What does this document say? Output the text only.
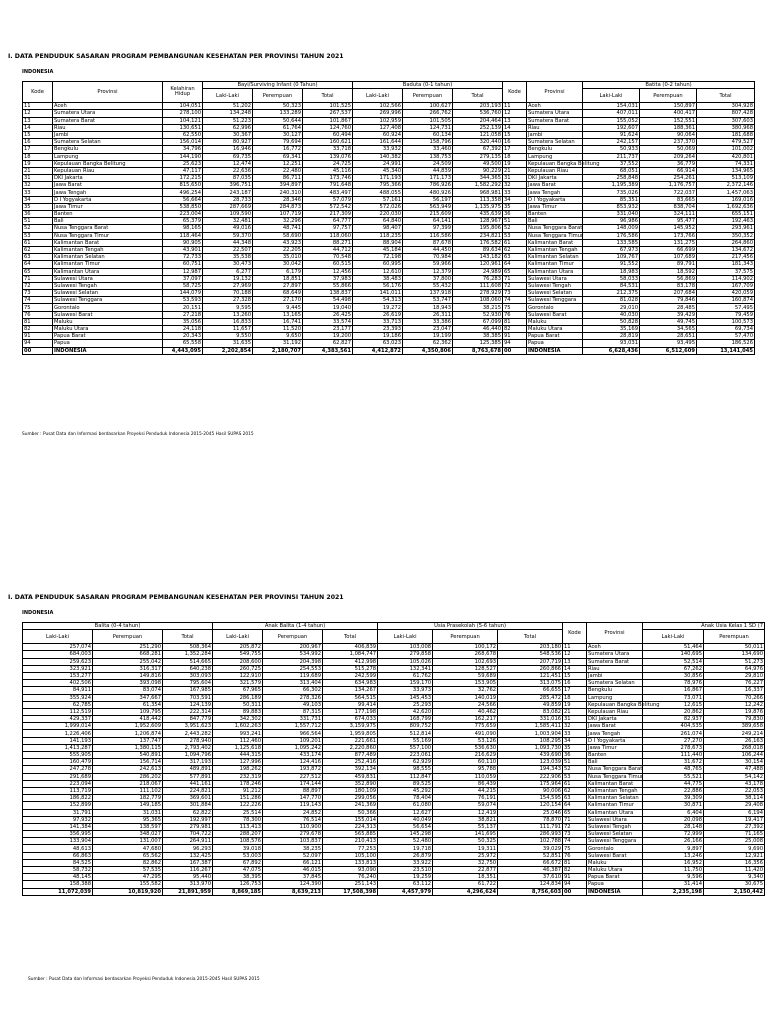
I. DATA PENDUDUK SASARAN PROGRAM PEMBANGUNAN KESEHATAN PER PROVINSI TAHUN 2021
INDONESIA
Kode	Provinsi	Kelahiran Hidup	Bayi/Surviving Infant (0 Tahun)			Baduta (0-1 tahun)		
			Laki-Laki	Perempuan	Total	Laki-Laki	Perempuan	Total
11	Aceh	104,051	51,202	50,323	101,525	102,566	100,627	203,193
12	Sumatera Utara	278,100	134,248	133,289	267,537	269,996	266,762	536,760
13	Sumatera Barat	104,121	51,223	50,644	101,867	102,959	101,505	204,464
14	Riau	130,651	62,996	61,764	124,760	127,408	124,731	252,139
15	Jambi	62,550	30,367	30,127	60,494	60,924	60,134	121,058
16	Sumatera Selatan	156,014	80,927	79,694	160,621	161,644	158,796	320,440
17	Bengkulu	34,796	16,946	16,772	33,718	33,932	33,460	67,392
18	Lampung	144,190	69,735	69,341	139,076	140,382	138,753	279,135
19	Kepulauan Bangka Belitung	25,623	12,474	12,251	24,725	24,991	24,509	49,500
21	Kepulauan Riau	47,117	22,636	22,480	45,116	45,340	44,839	90,229
31	DKI Jakarta	172,215	87,035	86,711	173,746	171,193	171,173	344,365
32	Jawa Barat	815,650	396,751	394,897	791,648	795,366	786,926	1,582,292
33	Jawa Tengah	496,254	243,187	240,310	483,497	488,055	480,926	968,981
34	D I Yogyakarta	56,664	28,733	28,346	57,079	57,161	56,197	113,358
35	Jawa Timur	538,850	287,669	284,873	572,542	572,026	563,949	1,135,975
36	Banten	223,004	109,590	107,719	217,309	220,030	215,609	435,639
51	Bali	65,379	32,481	32,296	64,777	64,840	64,141	128,967
52	Nusa Tenggara Barat	98,165	49,016	48,741	97,757	98,407	97,399	195,806
53	Nusa Tenggara Timur	118,464	59,370	58,690	118,060	118,235	116,586	234,821
61	Kalimantan Barat	90,905	44,348	43,923	88,271	88,904	87,678	176,582
62	Kalimantan Tengah	43,901	22,507	22,205	44,712	45,184	44,450	89,634
63	Kalimantan Selatan	72,733	35,538	35,010	70,548	72,198	70,984	143,182
64	Kalimantan Timur	60,751	30,473	30,042	60,515	60,995	59,966	120,961
65	Kalimantan Utara	12,987	6,277	6,179	12,456	12,610	12,379	24,989
71	Sulawesi Utara	37,097	19,132	18,851	37,983	38,483	37,800	76,283
72	Sulawesi Tengah	58,725	27,969	27,897	55,866	56,176	55,432	111,608
73	Sulawesi Selatan	144,079	70,188	68,649	138,837	141,011	137,918	278,929
74	Sulawesi Tenggara	53,593	27,328	27,170	54,498	54,313	53,747	108,060
75	Gorontalo	20,151	9,595	9,445	19,040	19,272	18,943	38,215
76	Sulawesi Barat	27,218	13,260	13,165	26,425	26,619	26,311	52,930
81	Maluku	35,056	16,833	16,741	33,574	33,713	33,386	67,099
82	Maluku Utara	24,118	11,657	11,520	23,177	23,393	23,047	46,440
91	Papua Barat	20,343	9,550	9,650	19,200	19,186	19,199	38,385
94	Papua	65,558	31,635	31,192	62,827	63,023	62,362	125,385
00	INDONESIA	4,443,095	2,202,854	2,180,707	4,383,561	4,412,872	4,350,806	8,763,678
Kode	Provinsi	Batita (0-2 tahun)		
		Laki-Laki	Perempuan	Total
11	Aceh	154,031	150,897	304,928
12	Sumatera Utara	407,011	400,417	807,428
13	Sumatera Barat	155,052	152,551	307,603
14	Riau	192,607	188,361	380,968
15	Jambi	91,624	90,064	181,688
16	Sumatera Selatan	242,157	237,370	479,527
17	Bengkulu	50,933	50,069	101,002
18	Lampung	211,737	209,264	420,801
19	Kepulauan Bangka Belitung	37,552	36,779	74,331
21	Kepulauan Riau	68,051	66,914	134,965
31	DKI Jakarta	258,848	254,261	513,109
32	Jawa Barat	1,195,389	1,176,757	2,372,146
33	Jawa Tengah	735,026	722,037	1,457,063
34	D I Yogyakarta	85,351	83,665	169,016
35	Jawa Timur	853,932	838,704	1,692,636
36	Banten	331,040	324,111	655,151
51	Bali	96,986	95,477	192,463
52	Nusa Tenggara Barat	148,009	145,952	293,961
53	Nusa Tenggara Timur	176,586	173,766	350,352
61	Kalimantan Barat	133,585	131,275	264,860
62	Kalimantan Tengah	67,973	66,699	134,672
63	Kalimantan Selatan	109,767	107,689	217,456
64	Kalimantan Timur	91,552	89,791	181,343
65	Kalimantan Utara	18,983	18,592	37,575
71	Sulawesi Utara	58,033	56,869	114,902
72	Sulawesi Tengah	84,531	83,178	167,709
73	Sulawesi Selatan	212,375	207,684	420,059
74	Sulawesi Tenggara	81,028	79,846	160,874
75	Gorontalo	29,010	28,485	57,495
76	Sulawesi Barat	40,030	39,429	79,459
81	Maluku	50,828	49,745	100,573
82	Maluku Utara	35,169	34,565	69,734
91	Papua Barat	28,819	28,651	57,470
94	Papua	93,031	93,495	186,526
00	INDONESIA	6,628,436	6,512,609	13,141,045
Sumber : Pusat Data dan Informasi berdasarkan Proyeksi Penduduk Indonesia 2015-2045 Hasil SUPAS 2015
I. DATA PENDUDUK SASARAN PROGRAM PEMBANGUNAN KESEHATAN PER PROVINSI TAHUN 2021
INDONESIA
Balita (0-4 tahun)			Anak Balita (1-4 tahun)			Usia Prasekolah (5-6 tahun)		
Laki-Laki	Perempuan	Total	Laki-Laki	Perempuan	Total	Laki-Laki	Perempuan	Total
257,074	251,290	508,364	205,872	200,967	406,839	103,008	100,172	203,180
684,003	668,281	1,352,284	549,755	534,992	1,084,747	279,858	268,678	548,536
259,623	255,042	514,665	208,600	204,398	412,998	105,026	102,693	207,719
323,921	316,317	640,238	260,725	254,553	515,278	132,341	128,527	260,866
153,277	149,816	303,093	122,910	119,689	242,599	61,762	59,689	121,451
402,506	393,098	795,604	321,579	313,404	634,983	159,170	153,905	313,075
84,911	83,074	167,985	67,965	66,302	134,267	33,973	32,762	66,655
355,924	347,667	703,591	286,189	278,326	564,515	145,453	140,019	285,472
62,785	61,354	124,139	50,311	49,103	99,414	25,293	24,566	49,859
112,519	109,795	222,314	89,883	87,315	177,198	42,620	40,462	83,082
429,337	418,442	847,779	342,302	331,731	674,033	168,799	162,217	331,016
1,999,014	1,952,609	3,951,623	1,602,263	1,557,712	3,159,975	809,752	775,659	1,585,411
1,226,406	1,206,874	2,443,282	993,241	966,564	1,959,805	512,814	491,090	1,003,904
141,193	137,747	278,940	112,460	109,201	221,661	55,169	53,126	108,295
1,413,287	1,380,115	2,793,402	1,125,618	1,095,242	2,220,860	557,100	536,630	1,093,730
555,905	540,891	1,094,796	444,315	433,174	877,489	223,061	216,629	439,690
160,479	156,714	317,193	127,996	124,416	252,416	62,929	60,110	123,039
247,278	242,613	489,891	198,262	193,872	392,134	98,555	95,788	194,343
291,689	286,202	577,891	232,319	227,512	459,831	112,847	110,059	222,906
223,094	218,067	441,161	178,246	174,144	352,890	89,525	86,439	175,964
113,719	111,102	224,821	91,212	88,897	180,109	45,292	44,215	90,006
186,822	182,779	369,601	151,286	147,770	299,056	78,404	76,191	154,595
152,899	149,185	301,884	122,226	119,143	241,369	61,080	59,074	120,154
31,791	31,031	62,822	25,514	24,852	50,366	12,627	12,419	25,046
97,932	95,365	192,997	78,300	76,514	155,014	40,049	38,821	78,870
141,384	138,597	279,981	113,413	110,900	224,313	56,654	55,137	111,791
356,995	348,027	704,722	288,207	279,678	565,885	145,298	141,695	286,993
133,904	131,007	264,911	108,576	103,837	210,413	52,480	50,325	102,788
48,613	47,680	96,293	39,018	38,235	77,253	19,718	19,311	39,029
66,863	65,562	132,425	53,003	52,097	105,100	26,879	25,972	52,851
84,525	82,862	167,387	67,892	66,121	133,813	33,922	32,750	66,672
58,732	57,535	116,267	47,075	46,015	93,090	23,510	22,877	46,387
48,145	47,295	95,440	38,395	37,845	76,240	19,259	18,351	37,610
158,388	155,582	313,970	126,753	124,390	251,143	63,112	61,722	124,834
11,072,039	10,819,920	21,891,959	8,869,185	8,639,213	17,508,398	4,457,979	4,296,624	8,756,603
Kode	Provinsi	Anak Usia Kelas 1 SD (7	
		Laki-Laki	Perempuan
11	Aceh	51,464	50,011
12	Sumatera Utara	140,695	134,690
13	Sumatera Barat	52,514	51,273
14	Riau	67,262	64,976
15	Jambi	30,856	29,810
16	Sumatera Selatan	78,976	76,227
17	Bengkulu	16,867	16,337
18	Lampung	73,071	70,266
19	Kepulauan Bangka Belitung	12,615	12,242
21	Kepulauan Riau	20,862	19,876
31	DKI Jakarta	82,937	79,830
32	Jawa Barat	404,535	389,658
33	Jawa Tengah	261,074	249,214
34	D I Yogyakarta	27,270	26,163
35	Jawa Timur	278,673	268,018
36	Banten	111,440	106,244
51	Bali	31,672	30,154
52	Nusa Tenggara Barat	48,765	47,488
53	Nusa Tenggara Timur	55,521	54,142
61	Kalimantan Barat	44,775	43,178
62	Kalimantan Tengah	22,886	22,053
63	Kalimantan Selatan	39,309	38,114
64	Kalimantan Timur	30,871	29,408
65	Kalimantan Utara	6,404	6,194
71	Sulawesi Utara	20,098	19,417
72	Sulawesi Tengah	28,148	27,392
73	Sulawesi Selatan	72,999	71,165
74	Sulawesi Tenggara	26,166	25,008
75	Gorontalo	9,897	9,690
76	Sulawesi Barat	13,246	12,921
81	Maluku	16,952	16,356
82	Maluku Utara	11,750	11,420
91	Papua Barat	9,596	9,340
94	Papua	31,414	30,675
00	INDONESIA	2,235,198	2,150,442
Sumber : Pusat Data dan Informasi berdasarkan Proyeksi Penduduk Indonesia 2015-2045 Hasil SUPAS 2015
